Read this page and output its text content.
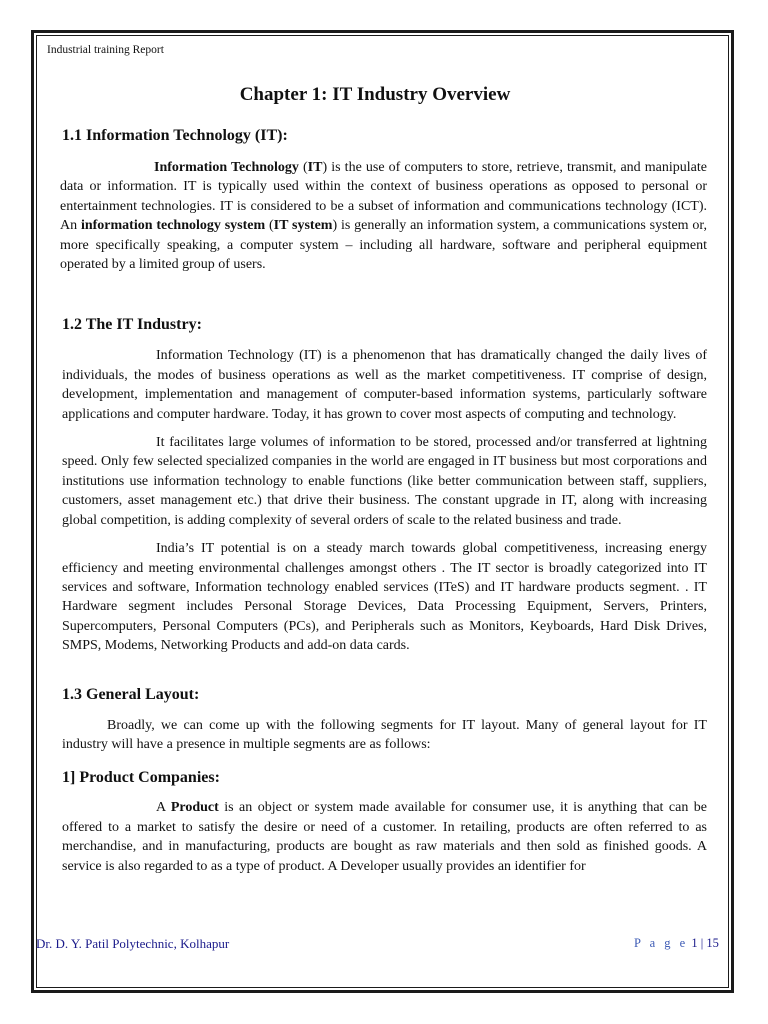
Industrial training Report
Chapter 1: IT Industry Overview
1.1 Information Technology (IT):

Information Technology (IT) is the use of computers to store, retrieve, transmit, and manipulate data or information. IT is typically used within the context of business operations as opposed to personal or entertainment technologies. IT is considered to be a subset of information and communications technology (ICT). An information technology system (IT system) is generally an information system, a communications system or, more specifically speaking, a computer system – including all hardware, software and peripheral equipment operated by a limited group of users.

1.2 The IT Industry:

Information Technology (IT) is a phenomenon that has dramatically changed the daily lives of individuals, the modes of business operations as well as the market competitiveness. IT comprise of design, development, implementation and management of computer-based information systems, particularly software applications and computer hardware. Today, it has grown to cover most aspects of computing and technology.

It facilitates large volumes of information to be stored, processed and/or transferred at lightning speed. Only few selected specialized companies in the world are engaged in IT business but most corporations and institutions use information technology to enable functions (like better communication between staff, suppliers, customers, asset management etc.) that drive their business. The constant upgrade in IT, along with increasing global competition, is adding complexity of several orders of scale to the related business and trade.

India’s IT potential is on a steady march towards global competitiveness, increasing energy efficiency and meeting environmental challenges amongst others . The IT sector is broadly categorized into IT services and software, Information technology enabled services (ITeS) and IT hardware products segment. . IT Hardware segment includes Personal Storage Devices, Data Processing Equipment, Servers, Printers, Supercomputers, Personal Computers (PCs), and Peripherals such as Monitors, Keyboards, Hard Disk Drives, SMPS, Modems, Networking Products and add-on data cards.

1.3 General Layout:

Broadly, we can come up with the following segments for IT layout. Many of general layout for IT industry will have a presence in multiple segments are as follows:

1] Product Companies:

A Product is an object or system made available for consumer use, it is anything that can be offered to a market to satisfy the desire or need of a customer. In retailing, products are often referred to as merchandise, and in manufacturing, products are bought as raw materials and then sold as finished goods. A service is also regarded to as a type of product. A Developer usually provides an identifier for

Dr. D. Y. Patil Polytechnic, Kolhapur	P a g e 1 | 15
